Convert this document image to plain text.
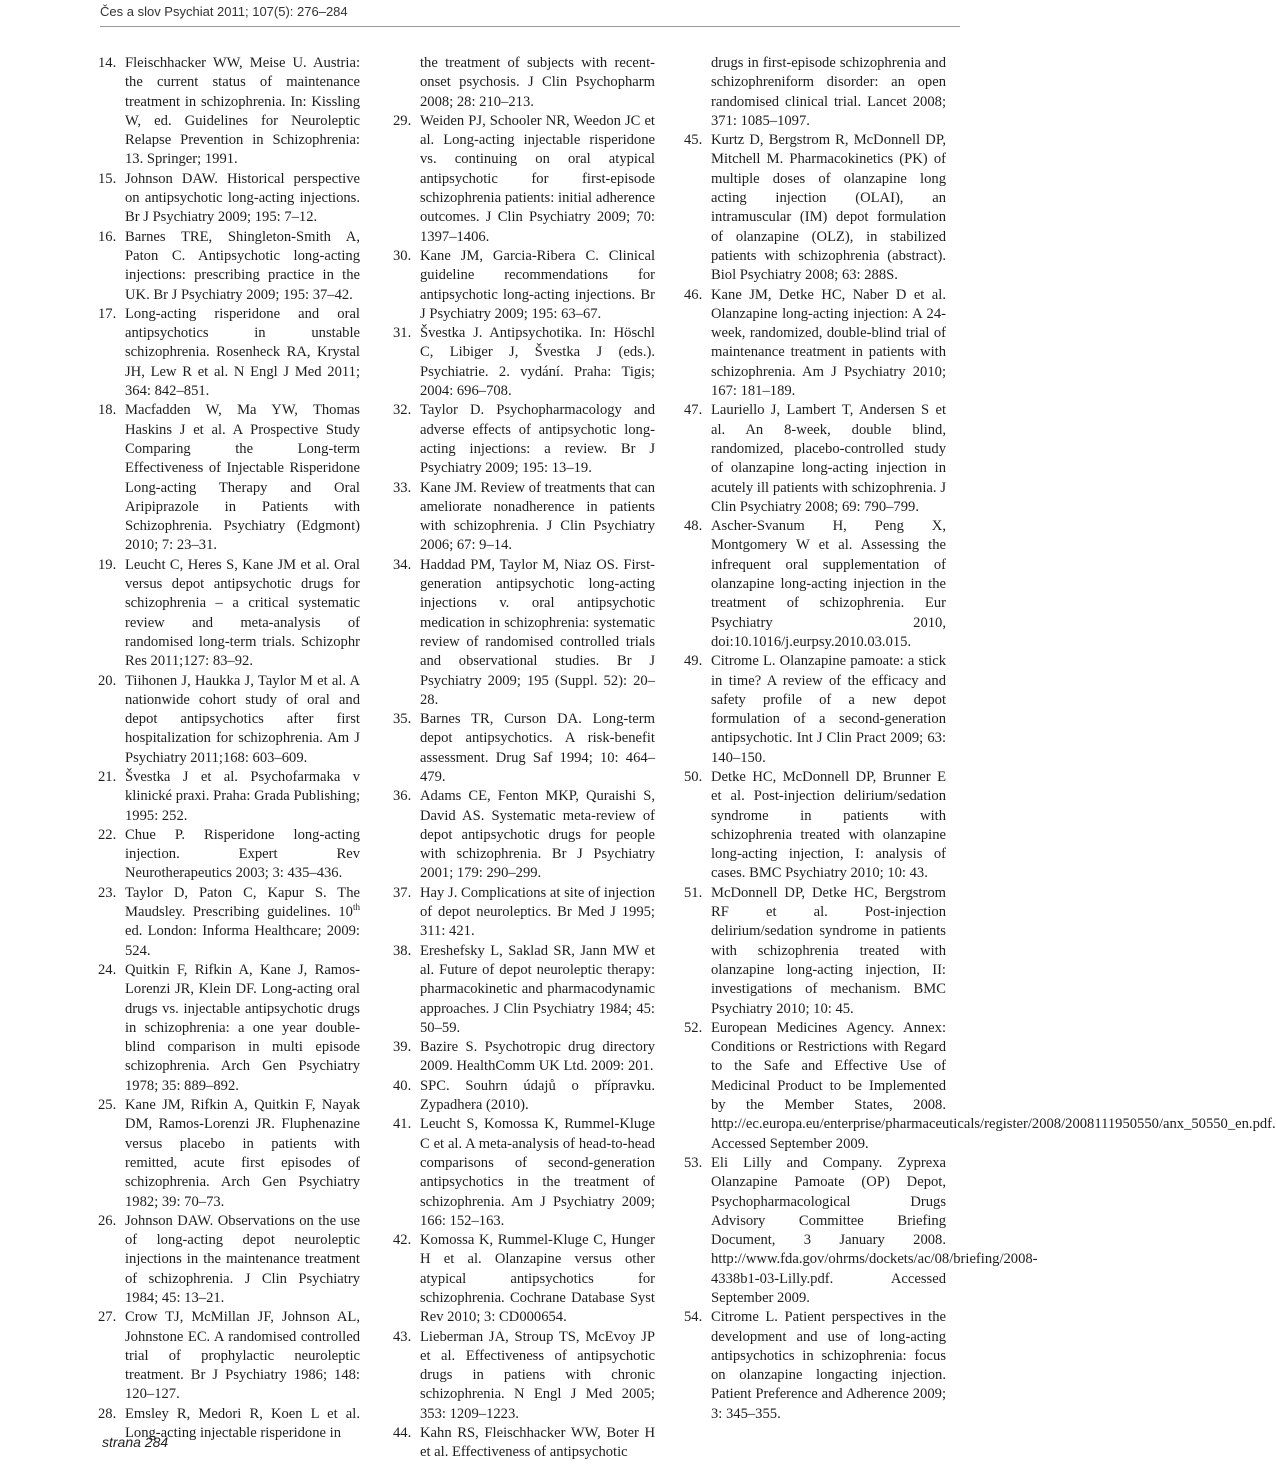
Čes a slov Psychiat 2011; 107(5): 276–284

14. Fleischhacker WW, Meise U. Austria: the current status of maintenance treatment in schizophrenia. In: Kissling W, ed. Guidelines for Neuroleptic Relapse Prevention in Schizophrenia: 13. Springer; 1991.

15. Johnson DAW. Historical perspective on antipsychotic long-acting injections. Br J Psychiatry 2009; 195: 7–12.

16. Barnes TRE, Shingleton-Smith A, Paton C. Antipsychotic long-acting injections: prescribing practice in the UK. Br J Psychiatry 2009; 195: 37–42.

17. Long-acting risperidone and oral antipsychotics in unstable schizophrenia. Rosenheck RA, Krystal JH, Lew R et al. N Engl J Med 2011; 364: 842–851.

18. Macfadden W, Ma YW, Thomas Haskins J et al. A Prospective Study Comparing the Long-term Effectiveness of Injectable Risperidone Long-acting Therapy and Oral Aripiprazole in Patients with Schizophrenia. Psychiatry (Edgmont) 2010; 7: 23–31.

19. Leucht C, Heres S, Kane JM et al. Oral versus depot antipsychotic drugs for schizophrenia – a critical systematic review and meta-analysis of randomised long-term trials. Schizophr Res 2011;127: 83–92.

20. Tiihonen J, Haukka J, Taylor M et al. A nationwide cohort study of oral and depot antipsychotics after first hospitalization for schizophrenia. Am J Psychiatry 2011;168: 603–609.

21. Švestka J et al. Psychofarmaka v klinické praxi. Praha: Grada Publishing; 1995: 252.

22. Chue P. Risperidone long-acting injection. Expert Rev Neurotherapeutics 2003; 3: 435–436.

23. Taylor D, Paton C, Kapur S. The Maudsley. Prescribing guidelines. 10th ed. London: Informa Healthcare; 2009: 524.

24. Quitkin F, Rifkin A, Kane J, Ramos-Lorenzi JR, Klein DF. Long-acting oral drugs vs. injectable antipsychotic drugs in schizophrenia: a one year double-blind comparison in multi episode schizophrenia. Arch Gen Psychiatry 1978; 35: 889–892.

25. Kane JM, Rifkin A, Quitkin F, Nayak DM, Ramos-Lorenzi JR. Fluphenazine versus placebo in patients with remitted, acute first episodes of schizophrenia. Arch Gen Psychiatry 1982; 39: 70–73.

26. Johnson DAW. Observations on the use of long-acting depot neuroleptic injections in the maintenance treatment of schizophrenia. J Clin Psychiatry 1984; 45: 13–21.

27. Crow TJ, McMillan JF, Johnson AL, Johnstone EC. A randomised controlled trial of prophylactic neuroleptic treatment. Br J Psychiatry 1986; 148: 120–127.

28. Emsley R, Medori R, Koen L et al. Long-acting injectable risperidone in

the treatment of subjects with recent-onset psychosis. J Clin Psychopharm 2008; 28: 210–213.

29. Weiden PJ, Schooler NR, Weedon JC et al. Long-acting injectable risperidone vs. continuing on oral atypical antipsychotic for first-episode schizophrenia patients: initial adherence outcomes. J Clin Psychiatry 2009; 70: 1397–1406.

30. Kane JM, Garcia-Ribera C. Clinical guideline recommendations for antipsychotic long-acting injections. Br J Psychiatry 2009; 195: 63–67.

31. Švestka J. Antipsychotika. In: Höschl C, Libiger J, Švestka J (eds.). Psychiatrie. 2. vydání. Praha: Tigis; 2004: 696–708.

32. Taylor D. Psychopharmacology and adverse effects of antipsychotic long-acting injections: a review. Br J Psychiatry 2009; 195: 13–19.

33. Kane JM. Review of treatments that can ameliorate nonadherence in patients with schizophrenia. J Clin Psychiatry 2006; 67: 9–14.

34. Haddad PM, Taylor M, Niaz OS. First-generation antipsychotic long-acting injections v. oral antipsychotic medication in schizophrenia: systematic review of randomised controlled trials and observational studies. Br J Psychiatry 2009; 195 (Suppl. 52): 20–28.

35. Barnes TR, Curson DA. Long-term depot antipsychotics. A risk-benefit assessment. Drug Saf 1994; 10: 464–479.

36. Adams CE, Fenton MKP, Quraishi S, David AS. Systematic meta-review of depot antipsychotic drugs for people with schizophrenia. Br J Psychiatry 2001; 179: 290–299.

37. Hay J. Complications at site of injection of depot neuroleptics. Br Med J 1995; 311: 421.

38. Ereshefsky L, Saklad SR, Jann MW et al. Future of depot neuroleptic therapy: pharmacokinetic and pharmacodynamic approaches. J Clin Psychiatry 1984; 45: 50–59.

39. Bazire S. Psychotropic drug directory 2009. HealthComm UK Ltd. 2009: 201.

40. SPC. Souhrn údajů o přípravku. Zypadhera (2010).

41. Leucht S, Komossa K, Rummel-Kluge C et al. A meta-analysis of head-to-head comparisons of second-generation antipsychotics in the treatment of schizophrenia. Am J Psychiatry 2009; 166: 152–163.

42. Komossa K, Rummel-Kluge C, Hunger H et al. Olanzapine versus other atypical antipsychotics for schizophrenia. Cochrane Database Syst Rev 2010; 3: CD000654.

43. Lieberman JA, Stroup TS, McEvoy JP et al. Effectiveness of antipsychotic drugs in patiens with chronic schizophrenia. N Engl J Med 2005; 353: 1209–1223.

44. Kahn RS, Fleischhacker WW, Boter H et al. Effectiveness of antipsychotic

drugs in first-episode schizophrenia and schizophreniform disorder: an open randomised clinical trial. Lancet 2008; 371: 1085–1097.

45. Kurtz D, Bergstrom R, McDonnell DP, Mitchell M. Pharmacokinetics (PK) of multiple doses of olanzapine long acting injection (OLAI), an intramuscular (IM) depot formulation of olanzapine (OLZ), in stabilized patients with schizophrenia (abstract). Biol Psychiatry 2008; 63: 288S.

46. Kane JM, Detke HC, Naber D et al. Olanzapine long-acting injection: A 24-week, randomized, double-blind trial of maintenance treatment in patients with schizophrenia. Am J Psychiatry 2010; 167: 181–189.

47. Lauriello J, Lambert T, Andersen S et al. An 8-week, double blind, randomized, placebo-controlled study of olanzapine long-acting injection in acutely ill patients with schizophrenia. J Clin Psychiatry 2008; 69: 790–799.

48. Ascher-Svanum H, Peng X, Montgomery W et al. Assessing the infrequent oral supplementation of olanzapine long-acting injection in the treatment of schizophrenia. Eur Psychiatry 2010, doi:10.1016/j.eurpsy.2010.03.015.

49. Citrome L. Olanzapine pamoate: a stick in time? A review of the efficacy and safety profile of a new depot formulation of a second-generation antipsychotic. Int J Clin Pract 2009; 63: 140–150.

50. Detke HC, McDonnell DP, Brunner E et al. Post-injection delirium/sedation syndrome in patients with schizophrenia treated with olanzapine long-acting injection, I: analysis of cases. BMC Psychiatry 2010; 10: 43.

51. McDonnell DP, Detke HC, Bergstrom RF et al. Post-injection delirium/sedation syndrome in patients with schizophrenia treated with olanzapine long-acting injection, II: investigations of mechanism. BMC Psychiatry 2010; 10: 45.

52. European Medicines Agency. Annex: Conditions or Restrictions with Regard to the Safe and Effective Use of Medicinal Product to be Implemented by the Member States, 2008. http://ec.europa.eu/enterprise/pharmaceuticals/register/2008/2008111950550/anx_50550_en.pdf. Accessed September 2009.

53. Eli Lilly and Company. Zyprexa Olanzapine Pamoate (OP) Depot, Psychopharmacological Drugs Advisory Committee Briefing Document, 3 January 2008. http://www.fda.gov/ohrms/dockets/ac/08/briefing/2008-4338b1-03-Lilly.pdf. Accessed September 2009.

54. Citrome L. Patient perspectives in the development and use of long-acting antipsychotics in schizophrenia: focus on olanzapine longacting injection. Patient Preference and Adherence 2009; 3: 345–355.

strana 284
